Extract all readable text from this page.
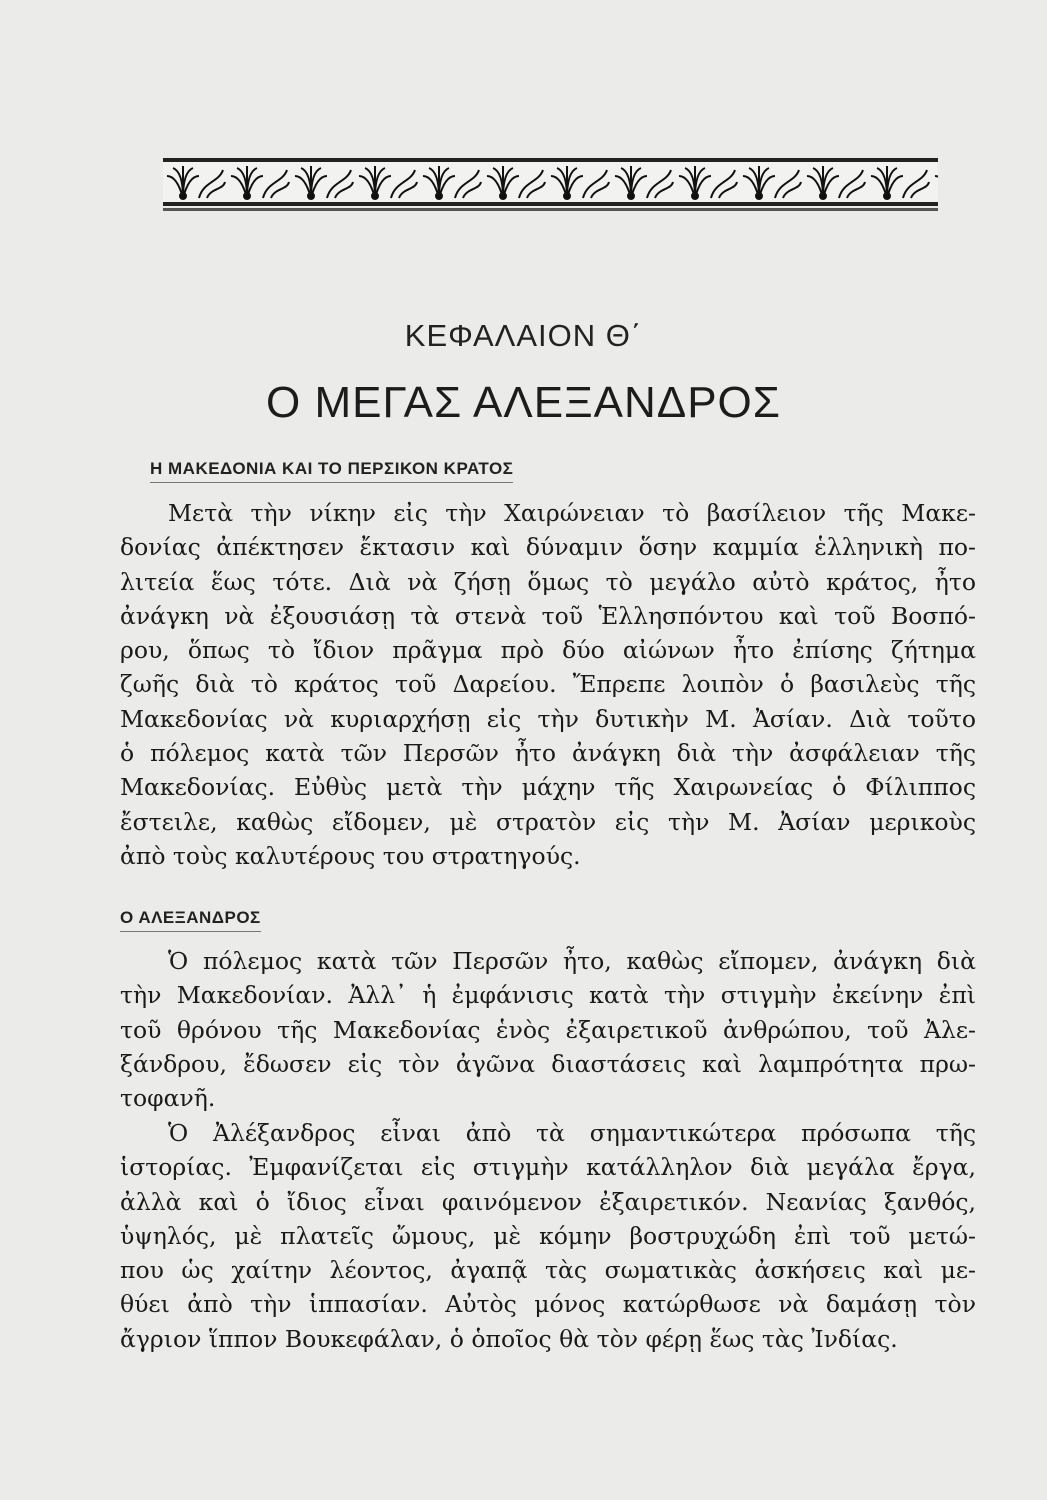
ΚΕΦΑΛΑΙΟΝ Θ΄
Ο ΜΕΓΑΣ ΑΛΕΞΑΝΔΡΟΣ
Η ΜΑΚΕΔΟΝΙΑ ΚΑΙ ΤΟ ΠΕΡΣΙΚΟΝ ΚΡΑΤΟΣ
Μετὰ τὴν νίκην εἰς τὴν Χαιρώνειαν τὸ βασίλειον τῆς Μακε-
δονίας ἀπέκτησεν ἔκτασιν καὶ δύναμιν ὅσην καμμία ἑλληνικὴ πο-
λιτεία ἕως τότε. Διὰ νὰ ζήσῃ ὅμως τὸ μεγάλο αὐτὸ κράτος, ἦτο
ἀνάγκη νὰ ἐξουσιάσῃ τὰ στενὰ τοῦ Ἑλλησπόντου καὶ τοῦ Βοσπό-
ρου, ὅπως τὸ ἴδιον πρᾶγμα πρὸ δύο αἰώνων ἦτο ἐπίσης ζήτημα
ζωῆς διὰ τὸ κράτος τοῦ Δαρείου. Ἔπρεπε λοιπὸν ὁ βασιλεὺς τῆς
Μακεδονίας νὰ κυριαρχήσῃ εἰς τὴν δυτικὴν Μ. Ἀσίαν. Διὰ τοῦτο
ὁ πόλεμος κατὰ τῶν Περσῶν ἦτο ἀνάγκη διὰ τὴν ἀσφάλειαν τῆς
Μακεδονίας. Εὐθὺς μετὰ τὴν μάχην τῆς Χαιρωνείας ὁ Φίλιππος
ἔστειλε, καθὼς εἴδομεν, μὲ στρατὸν εἰς τὴν Μ. Ἀσίαν μερικοὺς
ἀπὸ τοὺς καλυτέρους του στρατηγούς.
Ο ΑΛΕΞΑΝΔΡΟΣ
Ὁ πόλεμος κατὰ τῶν Περσῶν ἦτο, καθὼς εἴπομεν, ἀνάγκη διὰ
τὴν Μακεδονίαν. Ἀλλ᾽ ἡ ἐμφάνισις κατὰ τὴν στιγμὴν ἐκείνην ἐπὶ
τοῦ θρόνου τῆς Μακεδονίας ἑνὸς ἐξαιρετικοῦ ἀνθρώπου, τοῦ Ἀλε-
ξάνδρου, ἔδωσεν εἰς τὸν ἀγῶνα διαστάσεις καὶ λαμπρότητα πρω-
τοφανῆ.
Ὁ Ἀλέξανδρος εἶναι ἀπὸ τὰ σημαντικώτερα πρόσωπα τῆς
ἱστορίας. Ἐμφανίζεται εἰς στιγμὴν κατάλληλον διὰ μεγάλα ἔργα,
ἀλλὰ καὶ ὁ ἴδιος εἶναι φαινόμενον ἐξαιρετικόν. Νεανίας ξανθός,
ὑψηλός, μὲ πλατεῖς ὤμους, μὲ κόμην βοστρυχώδη ἐπὶ τοῦ μετώ-
που ὡς χαίτην λέοντος, ἀγαπᾷ τὰς σωματικὰς ἀσκήσεις καὶ με-
θύει ἀπὸ τὴν ἱππασίαν. Αὐτὸς μόνος κατώρθωσε νὰ δαμάσῃ τὸν
ἄγριον ἵππον Βουκεφάλαν, ὁ ὁποῖος θὰ τὸν φέρῃ ἕως τὰς Ἰνδίας.
